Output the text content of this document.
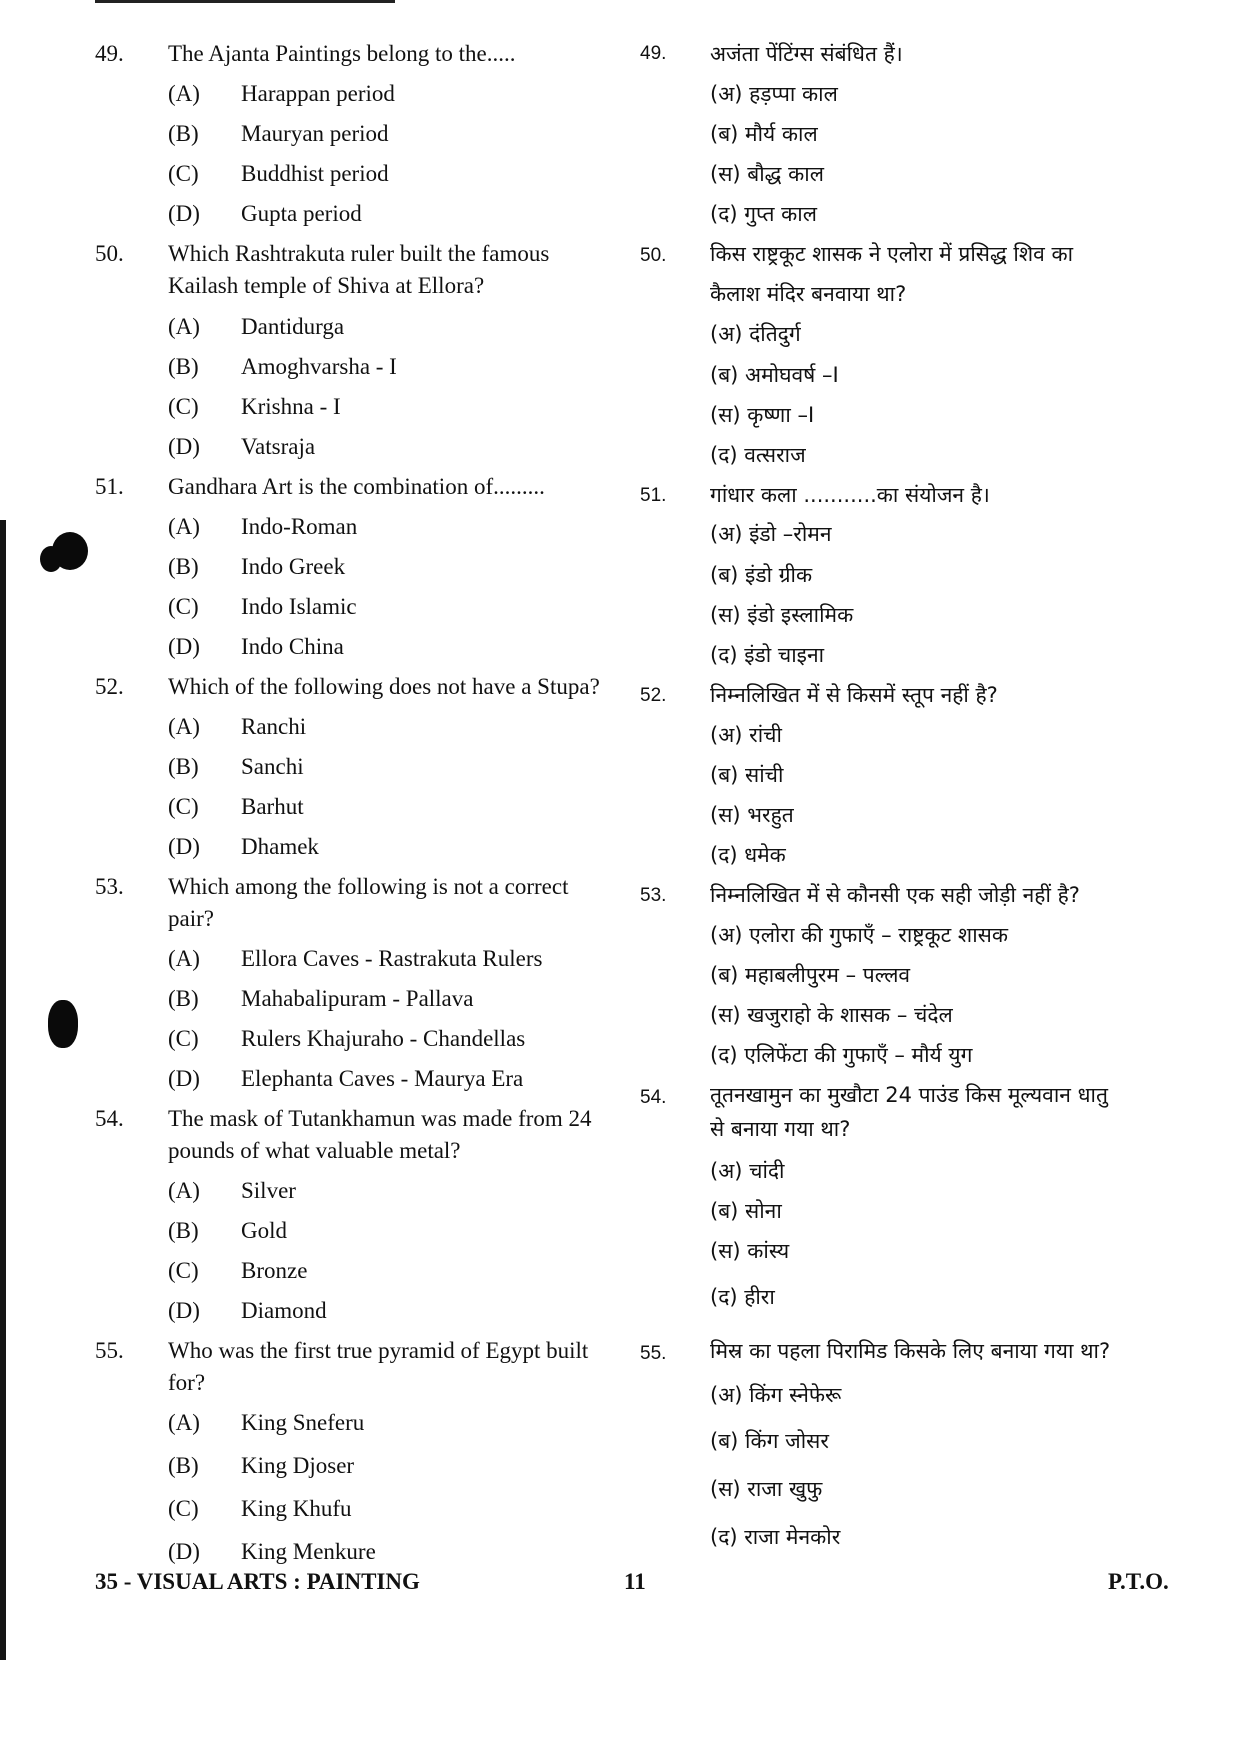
35 - VISUAL ARTS : PAINTING	11	P.T.O.
49. The Ajanta Paintings belong to the.....
(A) Harappan period
(B) Mauryan period
(C) Buddhist period
(D) Gupta period
49. अजंता पेंटिंग्स संबंधित हैं।
(अ) हड़प्पा काल
(ब) मौर्य काल
(स) बौद्ध काल
(द) गुप्त काल
50. Which Rashtrakuta ruler built the famous
Kailash temple of Shiva at Ellora?
(A) Dantidurga
(B) Amoghvarsha - I
(C) Krishna - I
(D) Vatsraja
50. किस राष्ट्रकूट शासक ने एलोरा में प्रसिद्ध शिव का
कैलाश मंदिर बनवाया था?
(अ) दंतिदुर्ग
(ब) अमोघवर्ष –I
(स) कृष्णा –I
(द) वत्सराज
51. Gandhara Art is the combination of.........
(A) Indo-Roman
(B) Indo Greek
(C) Indo Islamic
(D) Indo China
51. गांधार कला ...........का संयोजन है।
(अ) इंडो –रोमन
(ब) इंडो ग्रीक
(स) इंडो इस्लामिक
(द) इंडो चाइना
52. Which of the following does not have a Stupa?
(A) Ranchi
(B) Sanchi
(C) Barhut
(D) Dhamek
52. निम्नलिखित में से किसमें स्तूप नहीं है?
(अ) रांची
(ब) सांची
(स) भरहुत
(द) धमेक
53. Which among the following is not a correct
pair?
(A) Ellora Caves - Rastrakuta Rulers
(B) Mahabalipuram - Pallava
(C) Rulers Khajuraho - Chandellas
(D) Elephanta Caves - Maurya Era
53. निम्नलिखित में से कौनसी एक सही जोड़ी नहीं है?
(अ) एलोरा की गुफाएँ – राष्ट्रकूट शासक
(ब) महाबलीपुरम – पल्लव
(स) खजुराहो के शासक – चंदेल
(द) एलिफेंटा की गुफाएँ – मौर्य युग
54. The mask of Tutankhamun was made from 24
pounds of what valuable metal?
(A) Silver
(B) Gold
(C) Bronze
(D) Diamond
54. तूतनखामुन का मुखौटा 24 पाउंड किस मूल्यवान धातु
से बनाया गया था?
(अ) चांदी
(ब) सोना
(स) कांस्य
(द) हीरा
55. Who was the first true pyramid of Egypt built
for?
(A) King Sneferu
(B) King Djoser
(C) King Khufu
(D) King Menkure
55. मिस्र का पहला पिरामिड किसके लिए बनाया गया था?
(अ) किंग स्नेफेरू
(ब) किंग जोसर
(स) राजा खुफु
(द) राजा मेनकोर
